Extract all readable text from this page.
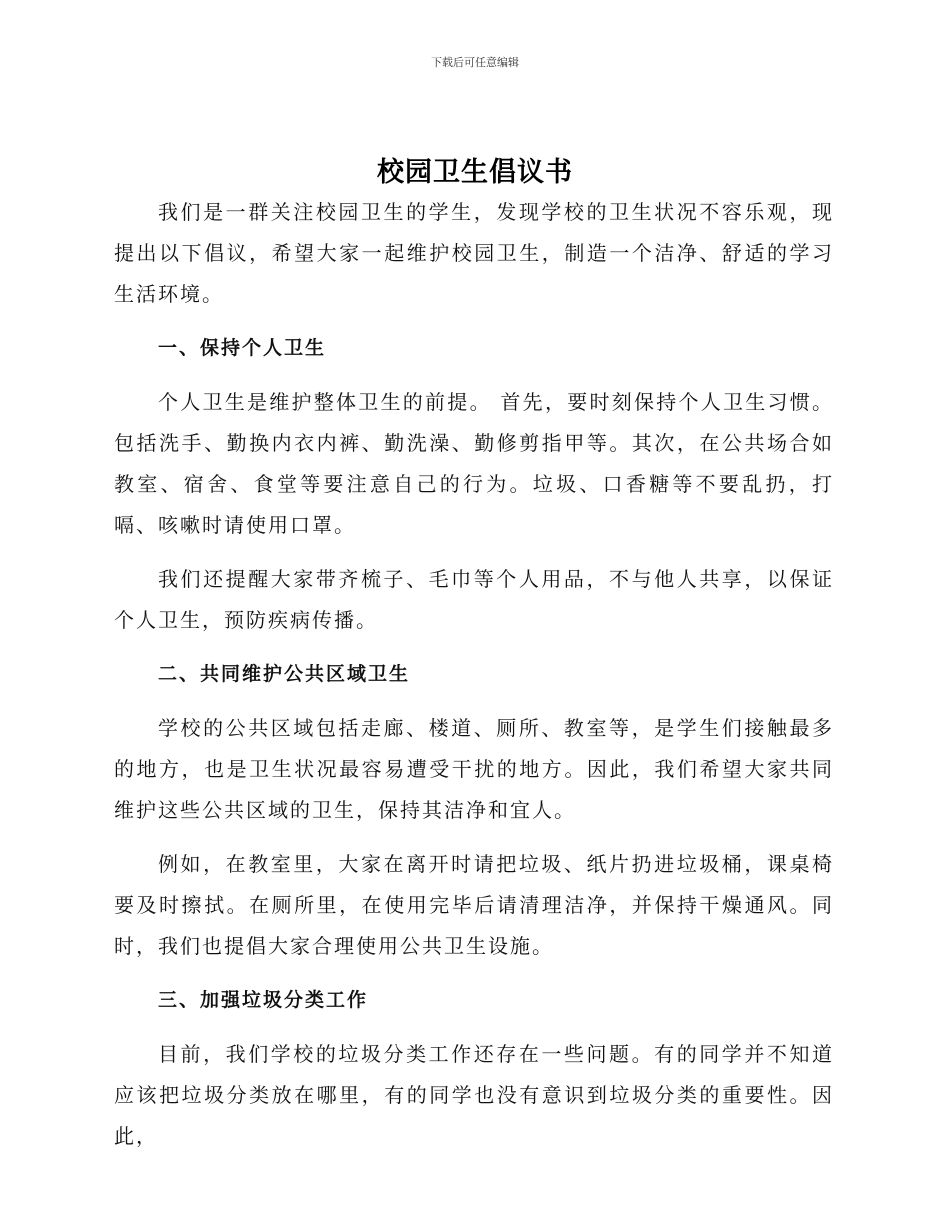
下载后可任意编辑
校园卫生倡议书

我们是一群关注校园卫生的学生，发现学校的卫生状况不容乐观，现提出以下倡议，希望大家一起维护校园卫生，制造一个洁净、舒适的学习生活环境。

一、保持个人卫生

个人卫生是维护整体卫生的前提。 首先，要时刻保持个人卫生习惯。包括洗手、勤换内衣内裤、勤洗澡、勤修剪指甲等。其次，在公共场合如教室、宿舍、食堂等要注意自己的行为。垃圾、口香糖等不要乱扔，打嗝、咳嗽时请使用口罩。

我们还提醒大家带齐梳子、毛巾等个人用品，不与他人共享，以保证个人卫生，预防疾病传播。

二、共同维护公共区域卫生

学校的公共区域包括走廊、楼道、厕所、教室等，是学生们接触最多的地方，也是卫生状况最容易遭受干扰的地方。因此，我们希望大家共同维护这些公共区域的卫生，保持其洁净和宜人。

例如，在教室里，大家在离开时请把垃圾、纸片扔进垃圾桶，课桌椅要及时擦拭。在厕所里，在使用完毕后请清理洁净，并保持干燥通风。同时，我们也提倡大家合理使用公共卫生设施。

三、加强垃圾分类工作

目前，我们学校的垃圾分类工作还存在一些问题。有的同学并不知道应该把垃圾分类放在哪里，有的同学也没有意识到垃圾分类的重要性。因此，
